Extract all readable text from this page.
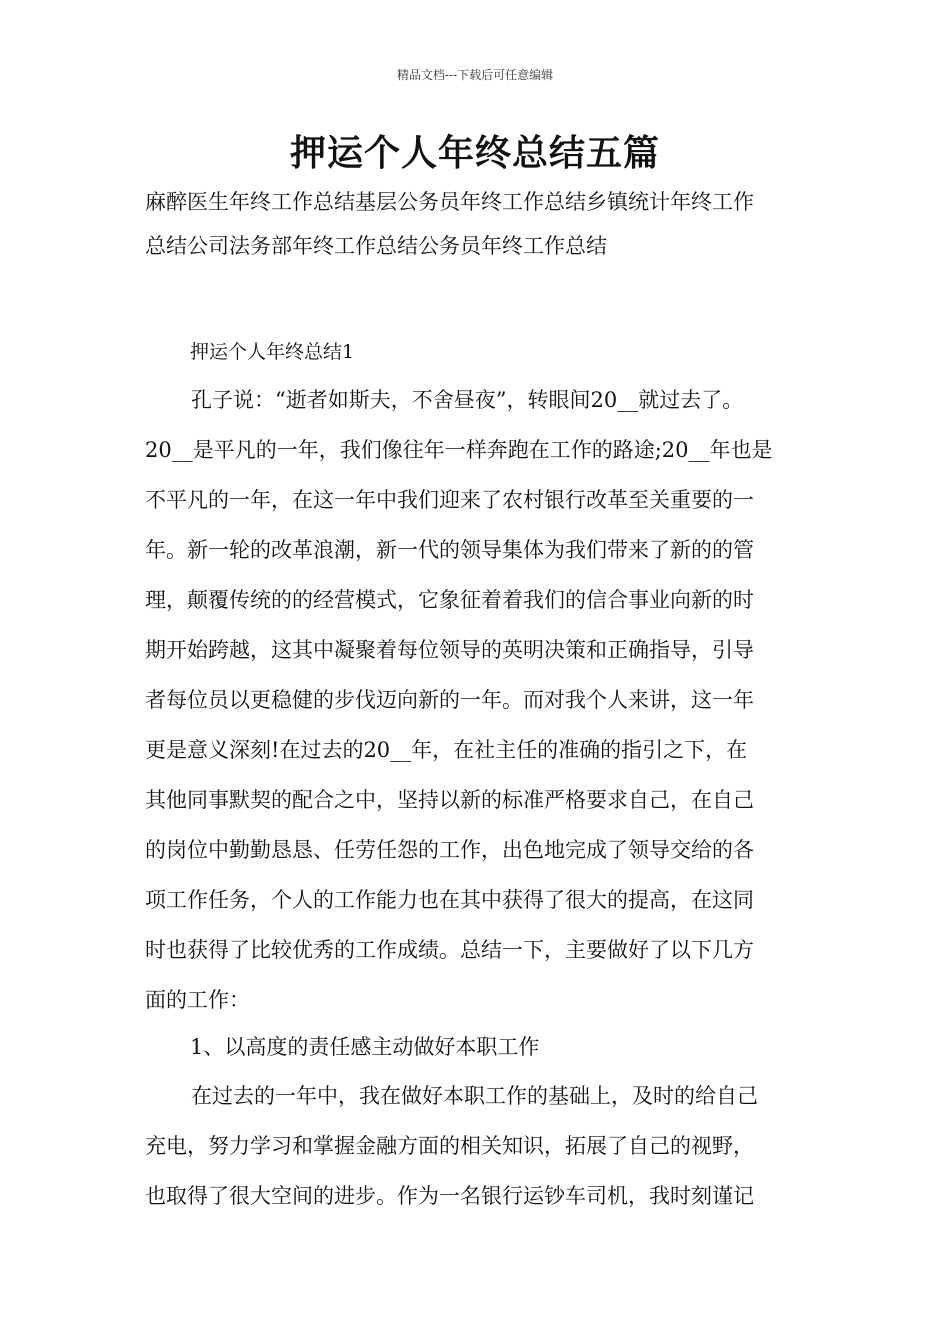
精品文档---下载后可任意编辑
押运个人年终总结五篇
麻醉医生年终工作总结基层公务员年终工作总结乡镇统计年终工作
总结公司法务部年终工作总结公务员年终工作总结
押运个人年终总结1
孔子说：“逝者如斯夫，不舍昼夜”，转眼间20__就过去了。
20__是平凡的一年，我们像往年一样奔跑在工作的路途;20__年也是
不平凡的一年，在这一年中我们迎来了农村银行改革至关重要的一
年。新一轮的改革浪潮，新一代的领导集体为我们带来了新的的管
理，颠覆传统的的经营模式，它象征着着我们的信合事业向新的时
期开始跨越，这其中凝聚着每位领导的英明决策和正确指导，引导
者每位员以更稳健的步伐迈向新的一年。而对我个人来讲，这一年
更是意义深刻!在过去的20__年，在社主任的准确的指引之下，在
其他同事默契的配合之中，坚持以新的标准严格要求自己，在自己
的岗位中勤勤恳恳、任劳任怨的工作，出色地完成了领导交给的各
项工作任务，个人的工作能力也在其中获得了很大的提高，在这同
时也获得了比较优秀的工作成绩。总结一下，主要做好了以下几方
面的工作：
1、以高度的责任感主动做好本职工作
在过去的一年中，我在做好本职工作的基础上，及时的给自己
充电，努力学习和掌握金融方面的相关知识，拓展了自己的视野，
也取得了很大空间的进步。作为一名银行运钞车司机，我时刻谨记
